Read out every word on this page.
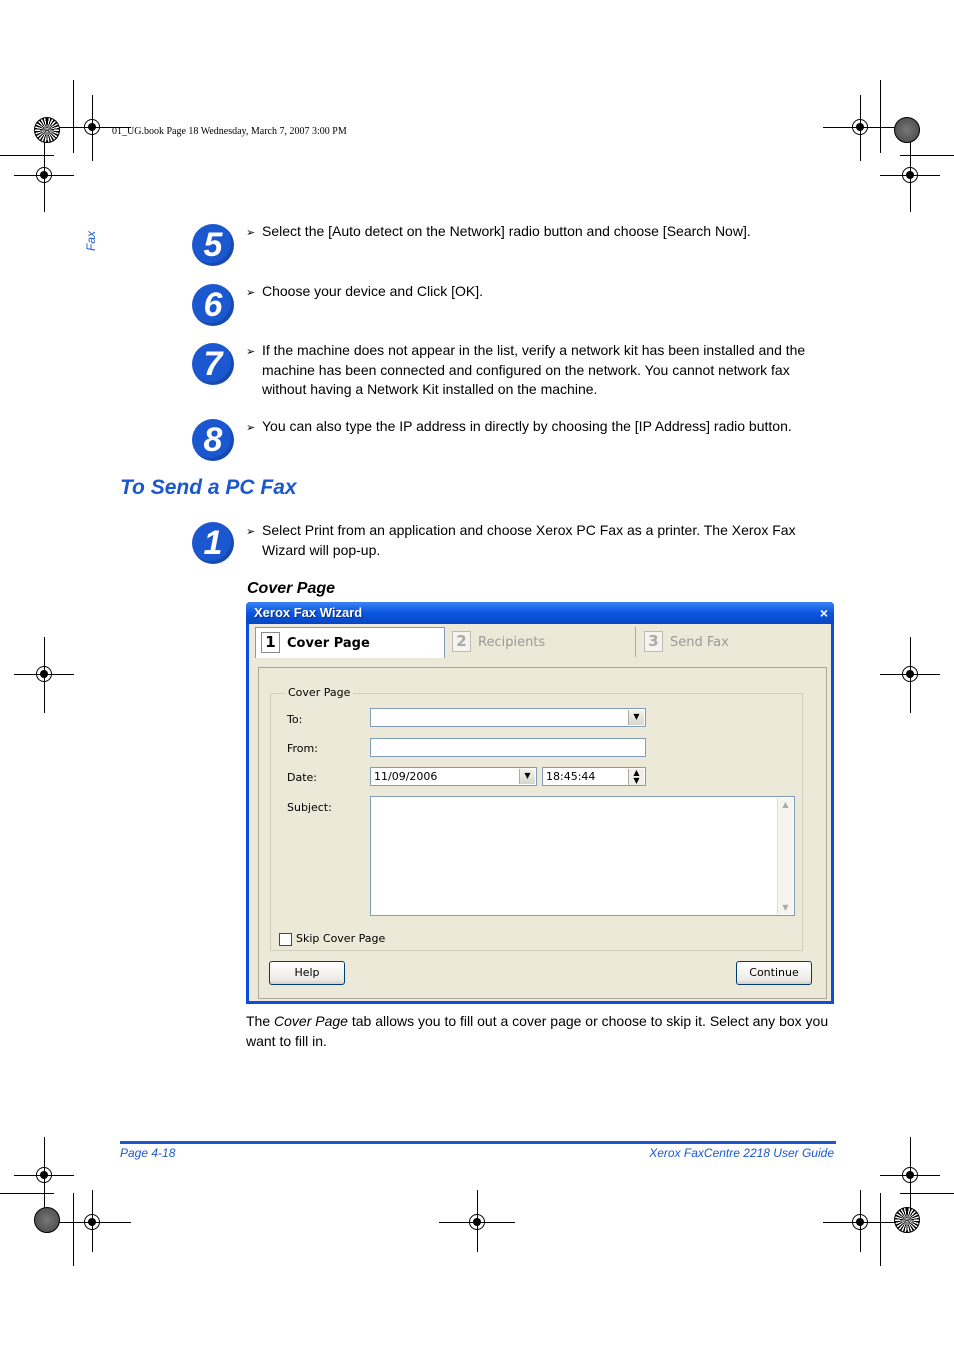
01_UG.book Page 18 Wednesday, March 7, 2007 3:00 PM
Fax	5	➢ Select the [Auto detect on the Network] radio button and choose [Search Now].
6	➢ Choose your device and Click [OK].
7	➢ If the machine does not appear in the list, verify a network kit has been installed and the machine has been connected and configured on the network. You cannot network fax without having a Network Kit installed on the machine.
8	➢ You can also type the IP address in directly by choosing the [IP Address] radio button.
To Send a PC Fax
1	➢ Select Print from an application and choose Xerox PC Fax as a printer. The Xerox Fax Wizard will pop-up.
Cover Page
Xerox Fax Wizard	×
1 Cover Page	2 Recipients	3 Send Fax
Cover Page
To:	▼
From:
Date:	11/09/2006	▼	18:45:44	▲
▼
Subject:	▲
▼
Skip Cover Page
Help	Continue
The Cover Page tab allows you to fill out a cover page or choose to skip it. Select any box you want to fill in.
Page 4-18	Xerox FaxCentre 2218 User Guide
